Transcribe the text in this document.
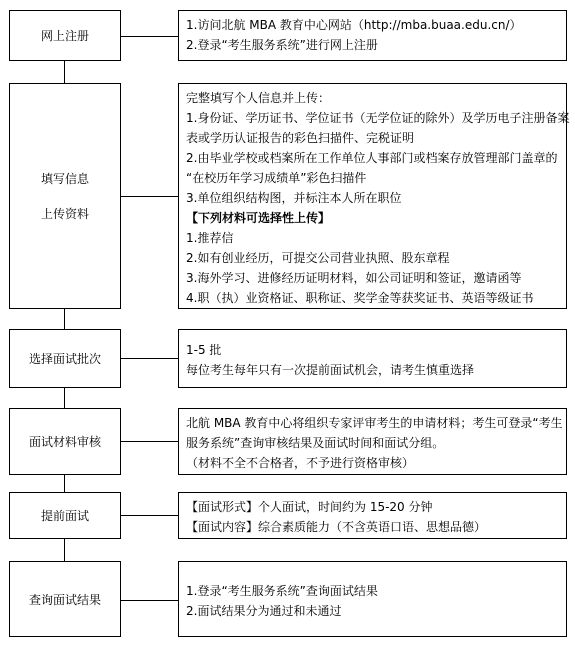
网上注册
1.访问北航 MBA 教育中心网站（http://mba.buaa.edu.cn/）
2.登录“考生服务系统”进行网上注册
填写信息
上传资料
完整填写个人信息并上传：
1.身份证、学历证书、学位证书（无学位证的除外）及学历电子注册备案
表或学历认证报告的彩色扫描件、完税证明
2.由毕业学校或档案所在工作单位人事部门或档案存放管理部门盖章的
“在校历年学习成绩单”彩色扫描件
3.单位组织结构图，并标注本人所在职位
【下列材料可选择性上传】
1.推荐信
2.如有创业经历，可提交公司营业执照、股东章程
3.海外学习、进修经历证明材料，如公司证明和签证，邀请函等
4.职（执）业资格证、职称证、奖学金等获奖证书、英语等级证书
选择面试批次
1-5 批
每位考生每年只有一次提前面试机会，请考生慎重选择
面试材料审核
北航 MBA 教育中心将组织专家评审考生的申请材料；考生可登录“考生
服务系统”查询审核结果及面试时间和面试分组。
（材料不全不合格者，不予进行资格审核）
提前面试
【面试形式】个人面试，时间约为 15-20 分钟
【面试内容】综合素质能力（不含英语口语、思想品德）
查询面试结果
1.登录“考生服务系统”查询面试结果
2.面试结果分为通过和未通过
